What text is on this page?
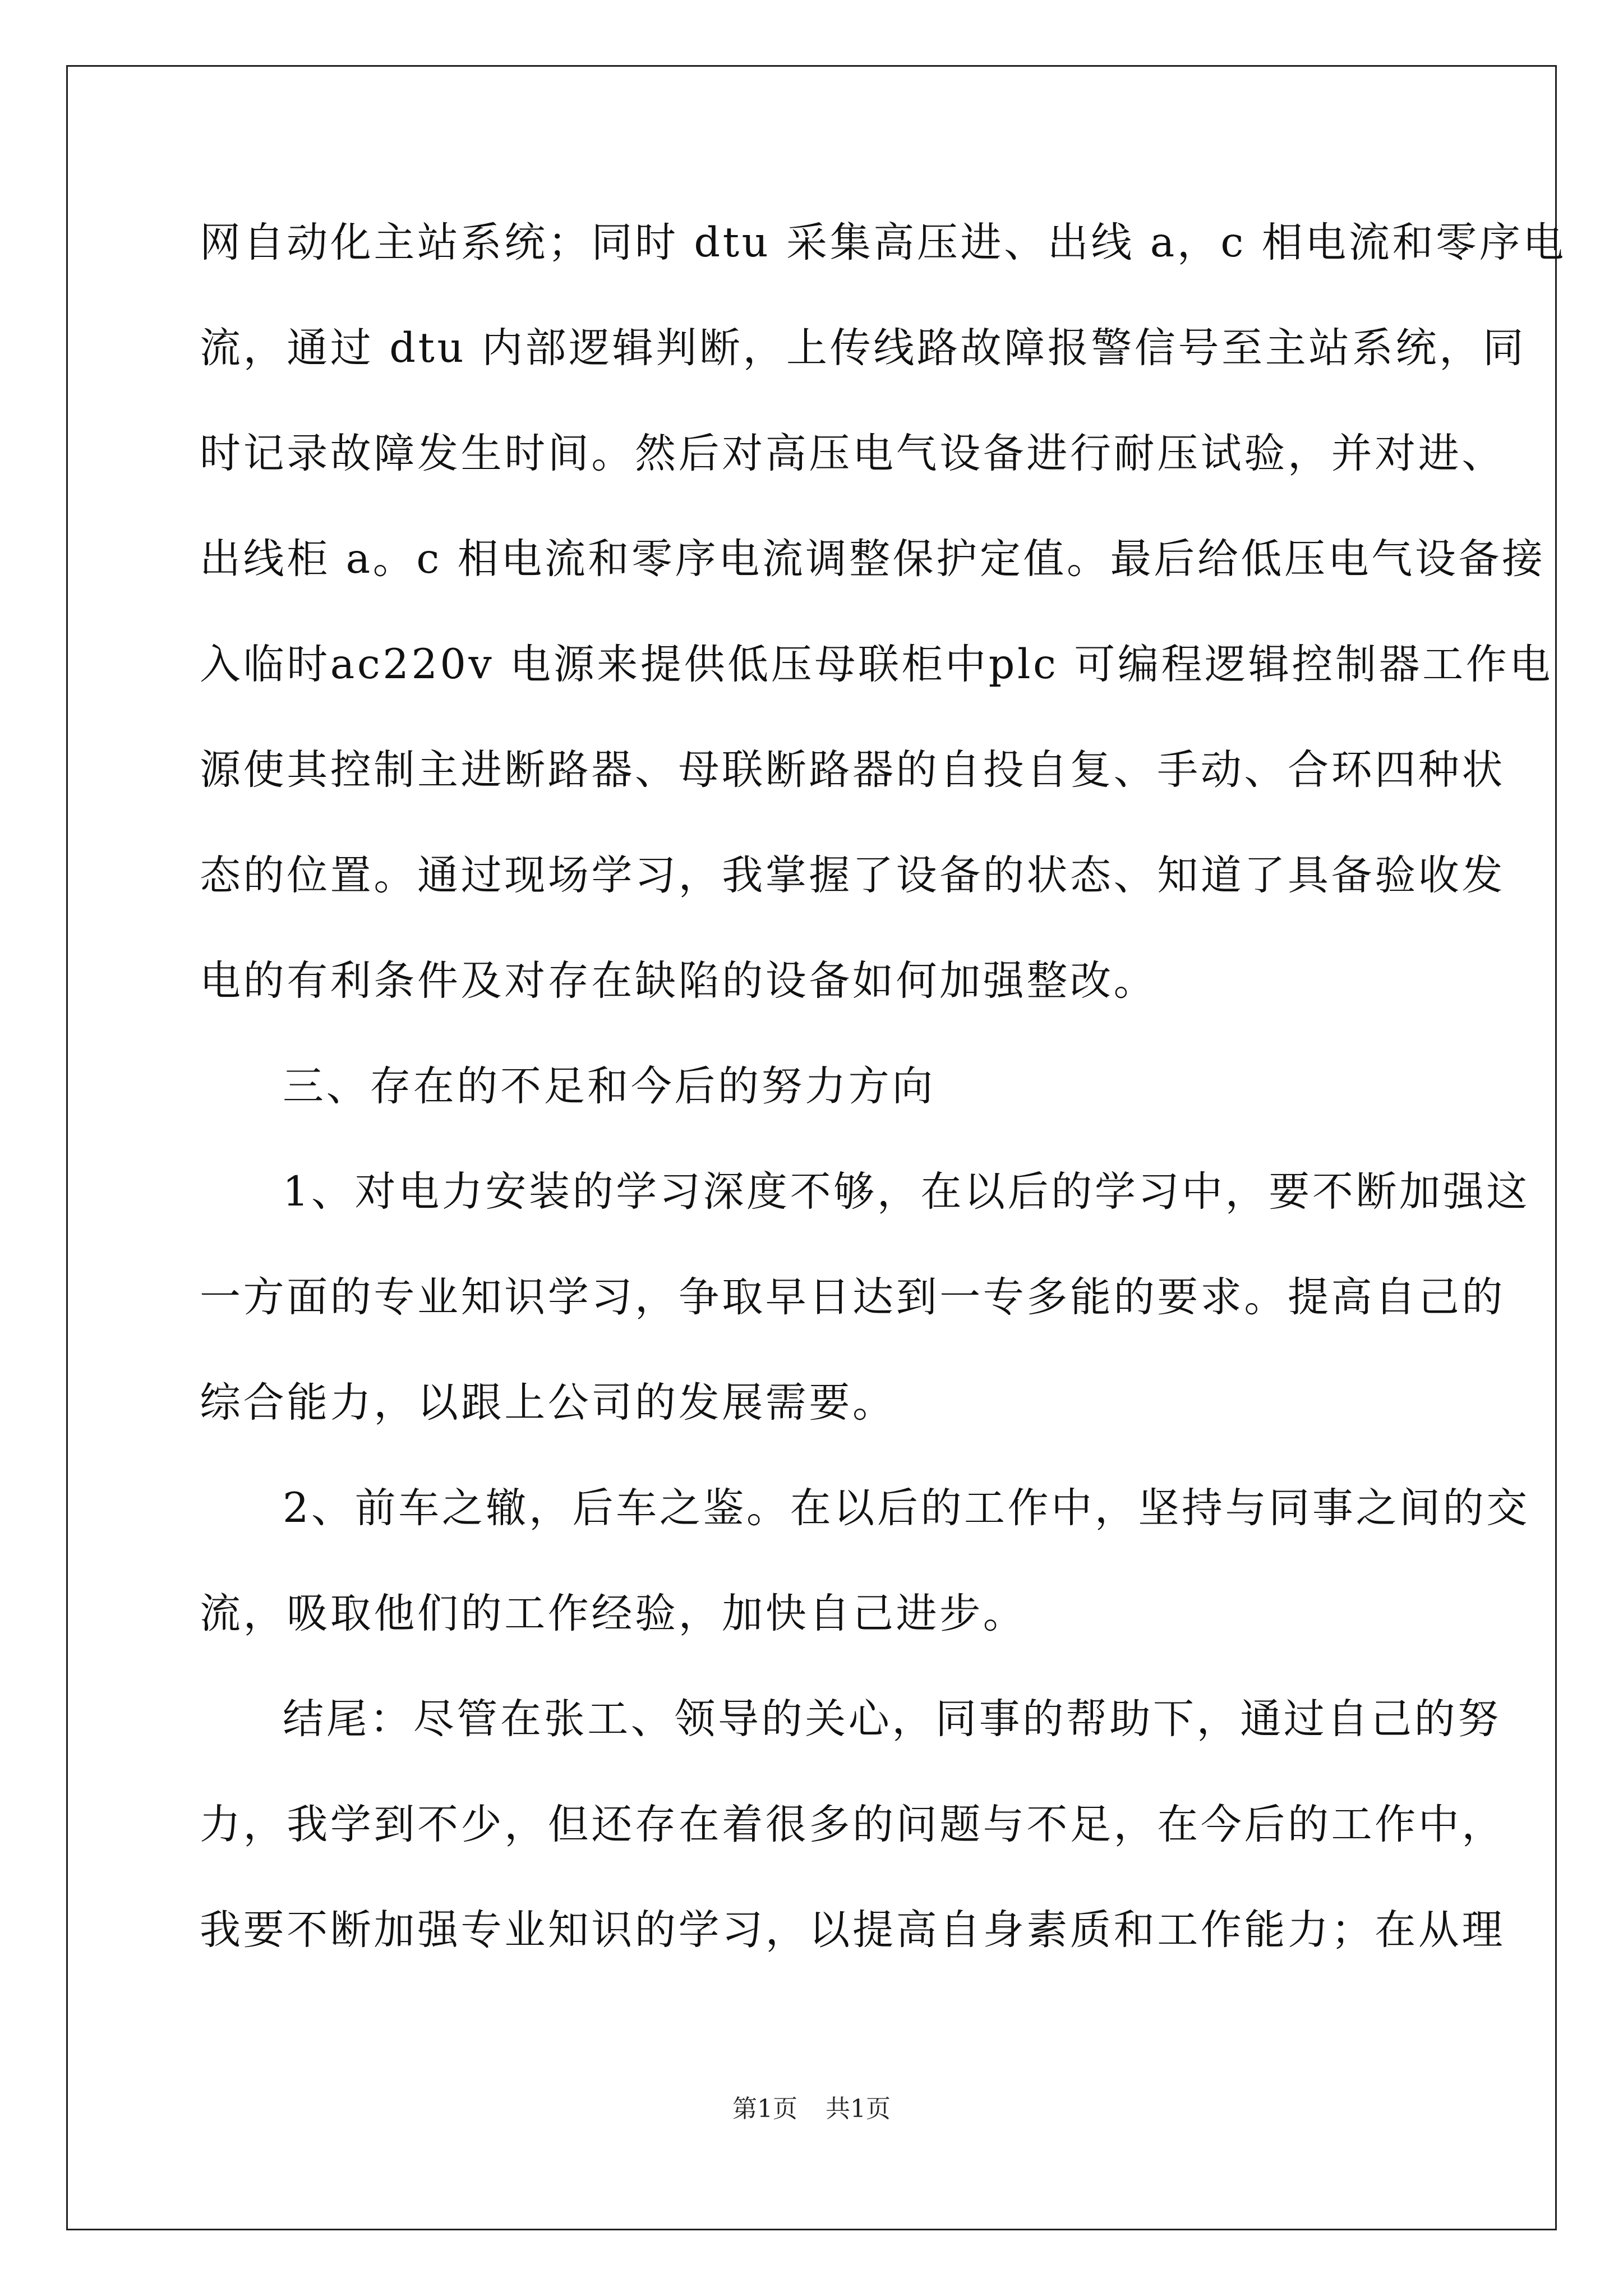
网自动化主站系统；同时 dtu 采集高压进、出线 a，c 相电流和零序电
流，通过 dtu 内部逻辑判断，上传线路故障报警信号至主站系统，同
时记录故障发生时间。然后对高压电气设备进行耐压试验，并对进、
出线柜 a。c 相电流和零序电流调整保护定值。最后给低压电气设备接
入临时ac220v 电源来提供低压母联柜中plc 可编程逻辑控制器工作电
源使其控制主进断路器、母联断路器的自投自复、手动、合环四种状
态的位置。通过现场学习，我掌握了设备的状态、知道了具备验收发
电的有利条件及对存在缺陷的设备如何加强整改。
三、存在的不足和今后的努力方向
1、对电力安装的学习深度不够，在以后的学习中，要不断加强这
一方面的专业知识学习，争取早日达到一专多能的要求。提高自己的
综合能力，以跟上公司的发展需要。
2、前车之辙，后车之鉴。在以后的工作中，坚持与同事之间的交
流，吸取他们的工作经验，加快自己进步。
结尾：尽管在张工、领导的关心，同事的帮助下，通过自己的努
力，我学到不少，但还存在着很多的问题与不足，在今后的工作中，
我要不断加强专业知识的学习，以提高自身素质和工作能力；在从理
第1页 共1页
